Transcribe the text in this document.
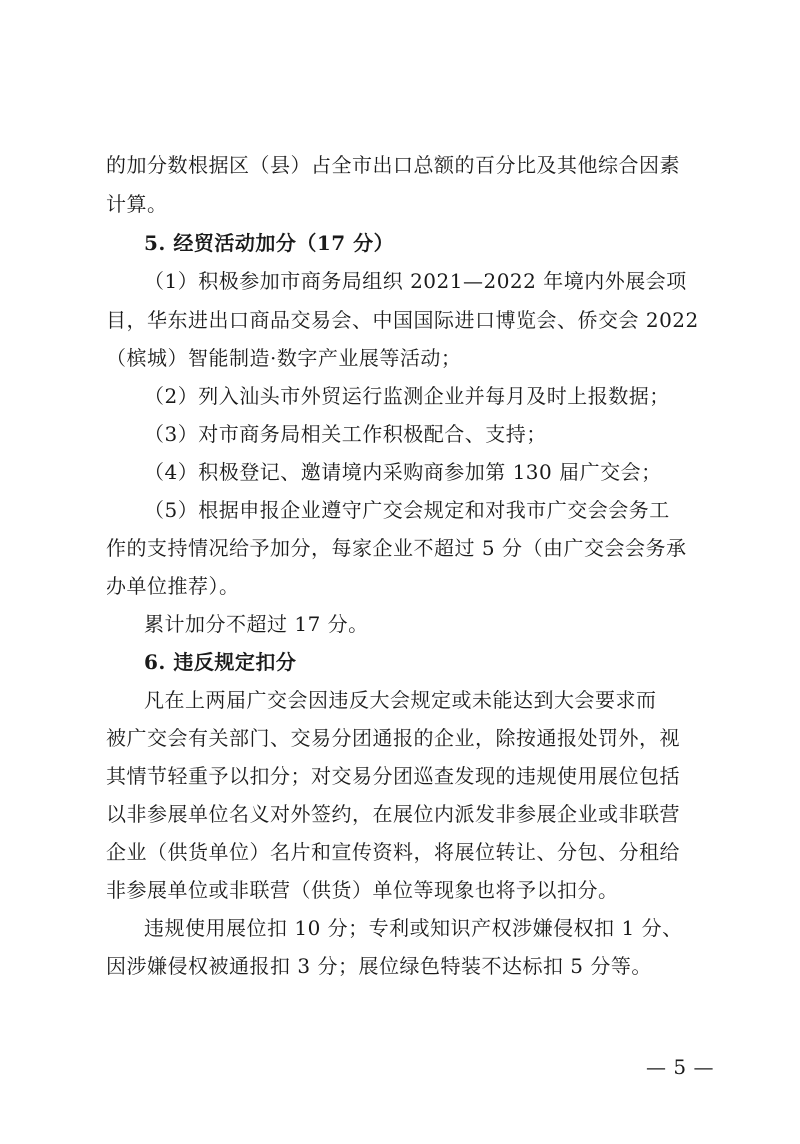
的加分数根据区（县）占全市出口总额的百分比及其他综合因素
计算。
5. 经贸活动加分（17 分）
（1）积极参加市商务局组织 2021—2022 年境内外展会项
目，华东进出口商品交易会、中国国际进口博览会、侨交会 2022
（槟城）智能制造·数字产业展等活动；
（2）列入汕头市外贸运行监测企业并每月及时上报数据；
（3）对市商务局相关工作积极配合、支持；
（4）积极登记、邀请境内采购商参加第 130 届广交会；
（5）根据申报企业遵守广交会规定和对我市广交会会务工
作的支持情况给予加分，每家企业不超过 5 分（由广交会会务承
办单位推荐）。
累计加分不超过 17 分。
6. 违反规定扣分
凡在上两届广交会因违反大会规定或未能达到大会要求而
被广交会有关部门、交易分团通报的企业，除按通报处罚外，视
其情节轻重予以扣分；对交易分团巡查发现的违规使用展位包括
以非参展单位名义对外签约，在展位内派发非参展企业或非联营
企业（供货单位）名片和宣传资料，将展位转让、分包、分租给
非参展单位或非联营（供货）单位等现象也将予以扣分。
违规使用展位扣 10 分；专利或知识产权涉嫌侵权扣 1 分、
因涉嫌侵权被通报扣 3 分；展位绿色特装不达标扣 5 分等。
— 5 —
